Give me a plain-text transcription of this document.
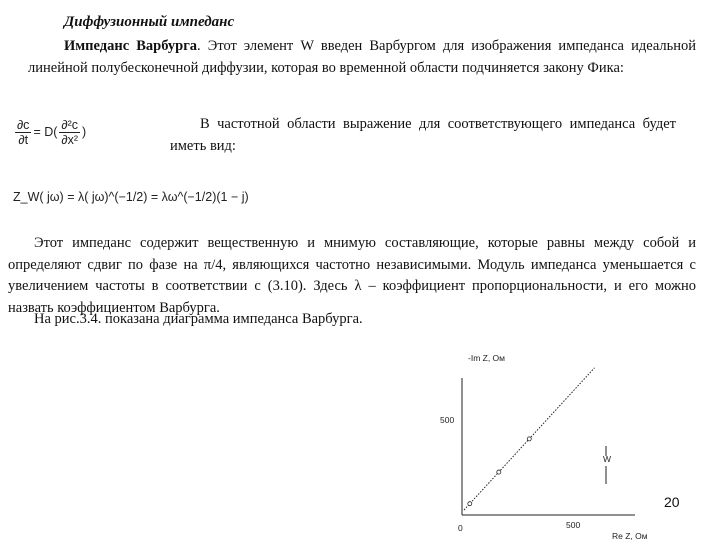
Диффузионный импеданс
Импеданс Варбурга. Этот элемент W введен Варбургом для изображения импеданса идеальной линейной полубесконечной диффузии, которая во временной области подчиняется закону Фика:
$\frac{\partial c}{\partial t} = D( \frac{\text{∂²c}}{\text{∂x²}}$ )	В частотной области выражение для соответствующего импеданса будет иметь вид:
Z_W( jω) = λ( jω)^(−1/2) = λω^(−1/2)(1 − j)
Этот импеданс содержит вещественную и мнимую составляющие, которые равны между собой и определяют сдвиг по фазе на π/4, являющихся частотно независимыми. Модуль импеданса уменьшается с увеличением частоты в соответствии с (3.10). Здесь λ – коэффициент пропорциональности, и его можно назвать коэффициентом Варбурга.
На рис.3.4. показана диаграмма импеданса Варбурга.
-Im Z, Ом
Re Z, Ом
500
0	500
W
20
